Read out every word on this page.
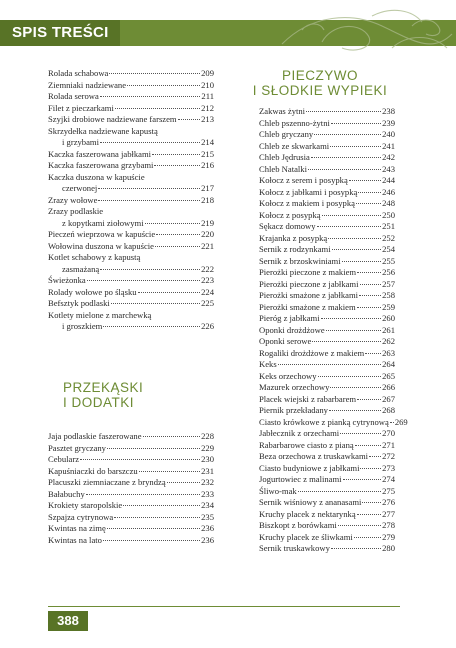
SPIS TREŚCI
Rolada schabowa	209
Ziemniaki nadziewane	210
Rolada serowa	211
Filet z pieczarkami	212
Szyjki drobiowe nadziewane farszem	213
Skrzydełka nadziewane kapustą
i grzybami	214
Kaczka faszerowana jabłkami	215
Kaczka faszerowana grzybami	216
Kaczka duszona w kapuście
czerwonej	217
Zrazy wołowe	218
Zrazy podlaskie
z kopytkami ziołowymi	219
Pieczeń wieprzowa w kapuście	220
Wołowina duszona w kapuście	221
Kotlet schabowy z kapustą
zasmażaną	222
Świeżonka	223
Rolady wołowe po śląsku	224
Befsztyk podlaski	225
Kotlety mielone z marchewką
i groszkiem	226
PRZEKĄSKI
I DODATKI
Jaja podlaskie faszerowane	228
Pasztet gryczany	229
Cebularz	230
Kapuśniaczki do barszczu	231
Placuszki ziemniaczane z bryndzą	232
Bałabuchy	233
Krokiety staropolskie	234
Szpajza cytrynowa	235
Kwintas na zimę	236
Kwintas na lato	236
PIECZYWO
I SŁODKIE WYPIEKI
Zakwas żytni	238
Chleb pszenno-żytni	239
Chleb gryczany	240
Chleb ze skwarkami	241
Chleb Jędrusia	242
Chleb Natalki	243
Kołocz z serem i posypką	244
Kołocz z jabłkami i posypką	246
Kołocz z makiem i posypką	248
Kołocz z posypką	250
Sękacz domowy	251
Krajanka z posypką	252
Sernik z rodzynkami	254
Sernik z brzoskwiniami	255
Pierożki pieczone z makiem	256
Pierożki pieczone z jabłkami	257
Pierożki smażone z jabłkami	258
Pierożki smażone z makiem	259
Pieróg z jabłkami	260
Oponki drożdżowe	261
Oponki serowe	262
Rogaliki drożdżowe z makiem 263
Keks	264
Keks orzechowy	265
Mazurek orzechowy	266
Placek wiejski z rabarbarem	267
Piernik przekładany	268
Ciasto krówkowe z pianką cytrynową 269
Jabłecznik z orzechami	270
Rabarbarowe ciasto z pianą	271
Beza orzechowa z truskawkami 272
Ciasto budyniowe z jabłkami	273
Jogurtowiec z malinami	274
Śliwo-mak	275
Sernik wiśniowy z ananasami 276
Kruchy placek z nektarynką	277
Biszkopt z borówkami	278
Kruchy placek ze śliwkami	279
Sernik truskawkowy	280
388
